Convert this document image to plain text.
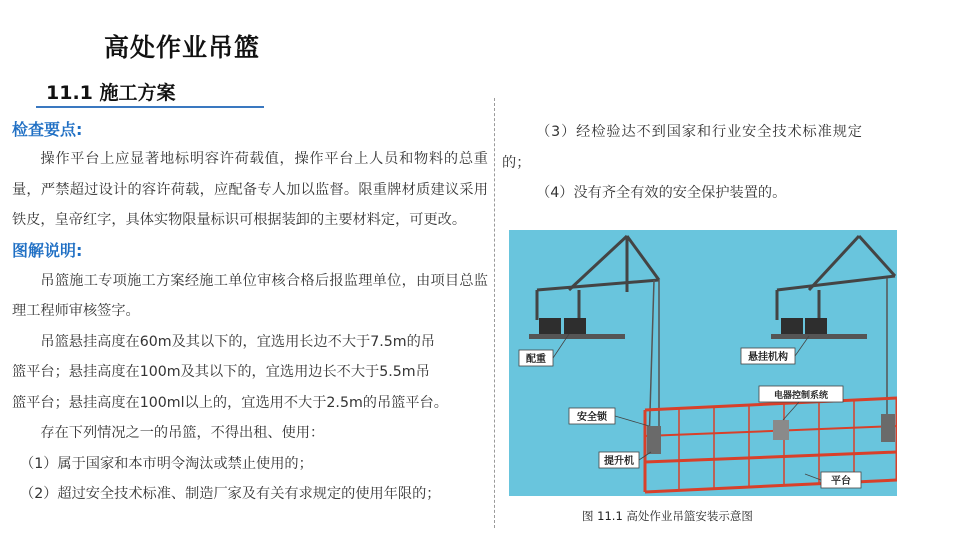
高处作业吊篮
11.1 施工方案
检查要点:
操作平台上应显著地标明容许荷载值，操作平台上人员和物料的总重量，严禁超过设计的容许荷载，应配备专人加以监督。限重牌材质建议采用铁皮，皇帝红字，具体实物限量标识可根据装卸的主要材料定，可更改。
图解说明:
吊篮施工专项施工方案经施工单位审核合格后报监理单位，由项目总监理工程师审核签字。
吊篮悬挂高度在60m及其以下的，宜选用长边不大于7.5m的吊
篮平台；悬挂高度在100m及其以下的，宜选用边长不大于5.5m吊
篮平台；悬挂高度在100ml以上的，宜选用不大于2.5m的吊篮平台。
存在下列情况之一的吊篮，不得出租、使用：
（1）属于国家和本市明令淘汰或禁止使用的；
（2）超过安全技术标准、制造厂家及有关有求规定的使用年限的；
（3）经检验达不到国家和行业安全技术标准规定的；
（4）没有齐全有效的安全保护装置的。
配重	悬挂机构
电器控制系统
安全锁
提升机
平台
图 11.1 高处作业吊篮安装示意图
